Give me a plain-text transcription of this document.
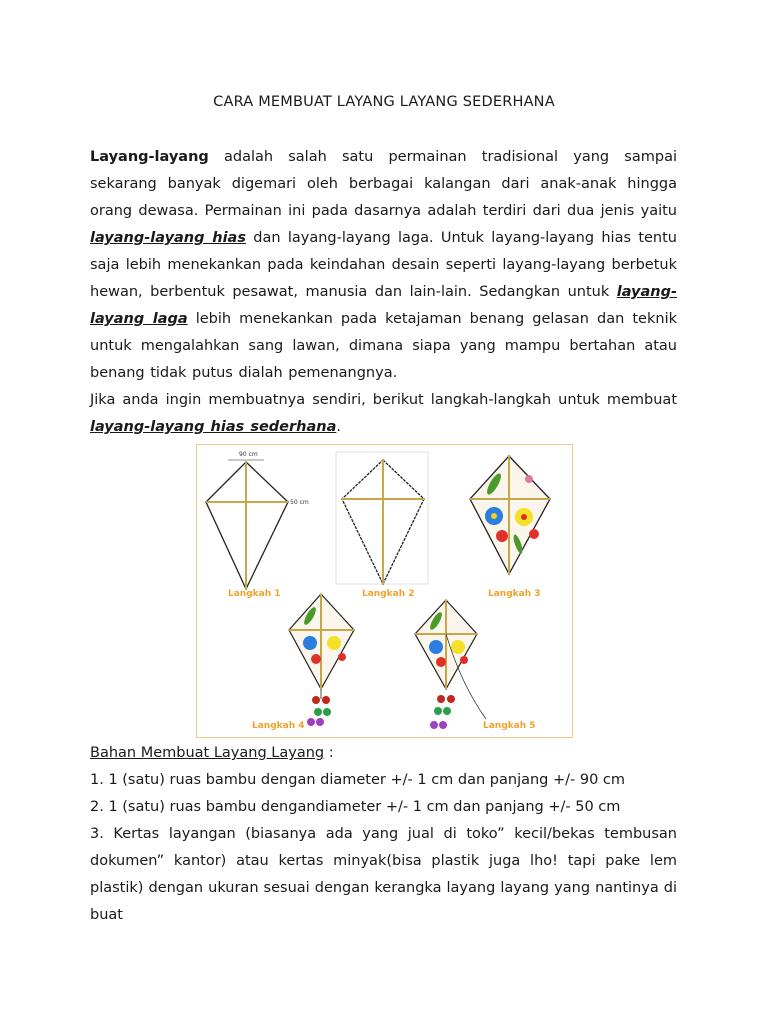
CARA MEMBUAT LAYANG LAYANG SEDERHANA
Layang-layang adalah salah satu permainan tradisional yang sampai sekarang banyak digemari oleh berbagai kalangan dari anak-anak hingga orang dewasa. Permainan ini pada dasarnya adalah terdiri dari dua jenis yaitu layang-layang hias dan layang-layang laga. Untuk layang-layang hias tentu saja lebih menekankan pada keindahan desain seperti layang-layang berbetuk hewan, berbentuk pesawat, manusia dan lain-lain. Sedangkan untuk layang-layang laga lebih menekankan pada ketajaman benang gelasan dan teknik untuk mengalahkan sang lawan, dimana siapa yang mampu bertahan atau benang tidak putus dialah pemenangnya.
Jika anda ingin membuatnya sendiri, berikut langkah-langkah untuk membuat layang-layang hias sederhana.
90 cm
50 cm
Langkah 1	Langkah 2	Langkah 3
Langkah 4	Langkah 5
Bahan Membuat Layang Layang :
1. 1 (satu) ruas bambu dengan diameter +/- 1 cm dan panjang +/- 90 cm
2. 1 (satu) ruas bambu dengandiameter +/- 1 cm dan panjang +/- 50 cm
3. Kertas layangan (biasanya ada yang jual di toko” kecil/bekas tembusan dokumen” kantor) atau kertas minyak(bisa plastik juga lho! tapi pake lem plastik) dengan ukuran sesuai dengan kerangka layang layang yang nantinya di buat
